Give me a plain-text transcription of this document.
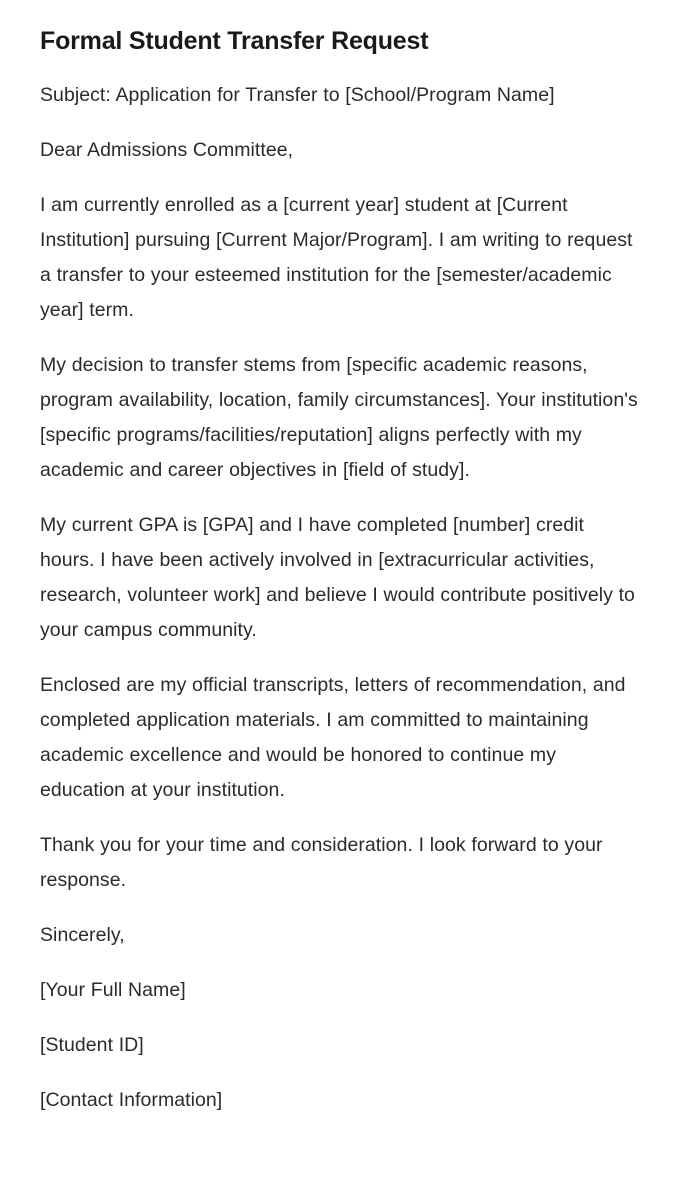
Formal Student Transfer Request

Subject: Application for Transfer to [School/Program Name]

Dear Admissions Committee,

I am currently enrolled as a [current year] student at [Current Institution] pursuing [Current Major/Program]. I am writing to request a transfer to your esteemed institution for the [semester/academic year] term.

My decision to transfer stems from [specific academic reasons, program availability, location, family circumstances]. Your institution's [specific programs/facilities/reputation] aligns perfectly with my academic and career objectives in [field of study].

My current GPA is [GPA] and I have completed [number] credit hours. I have been actively involved in [extracurricular activities, research, volunteer work] and believe I would contribute positively to your campus community.

Enclosed are my official transcripts, letters of recommendation, and completed application materials. I am committed to maintaining academic excellence and would be honored to continue my education at your institution.

Thank you for your time and consideration. I look forward to your response.

Sincerely,

[Your Full Name]

[Student ID]

[Contact Information]
